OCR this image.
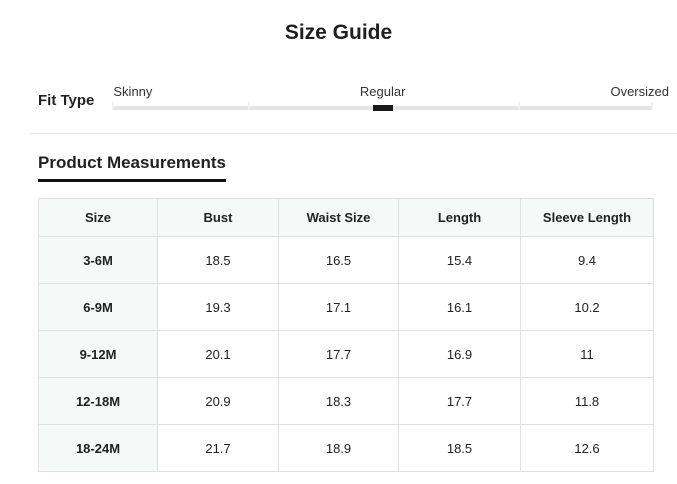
Size Guide
Fit Type
Skinny	Regular	Oversized
Product Measurements
Size	Bust	Waist Size	Length	Sleeve Length
3-6M	18.5	16.5	15.4	9.4
6-9M	19.3	17.1	16.1	10.2
9-12M	20.1	17.7	16.9	11
12-18M	20.9	18.3	17.7	11.8
18-24M	21.7	18.9	18.5	12.6
